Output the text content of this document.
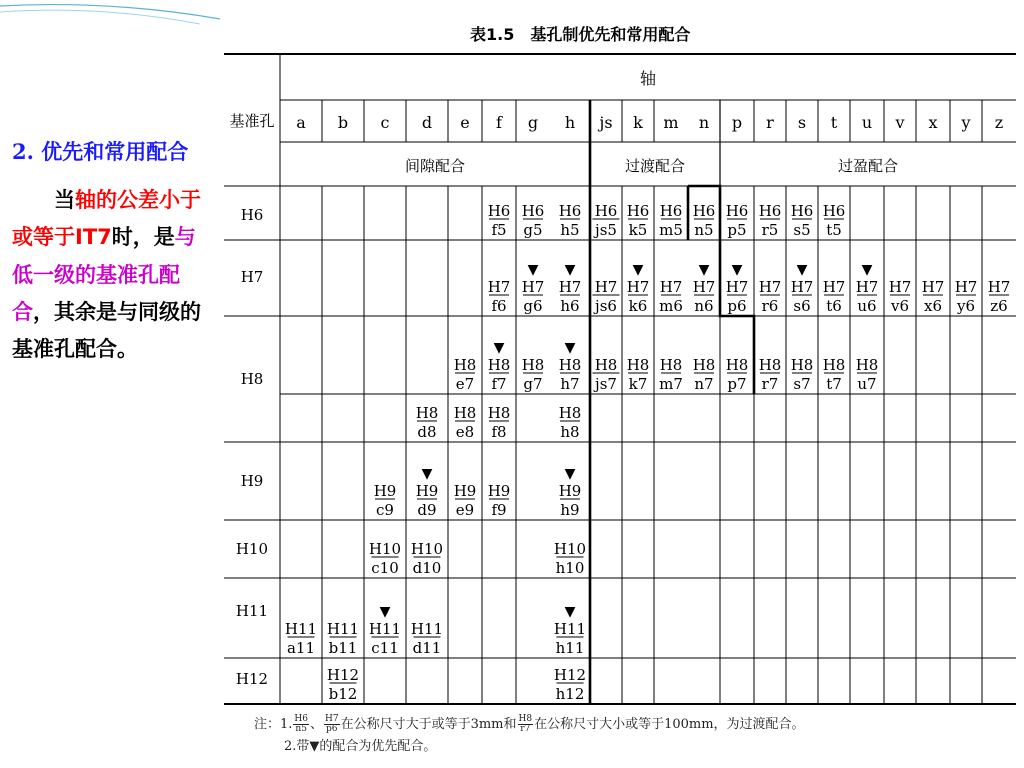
2. 优先和常用配合
当轴的公差小于或等于IT7时，是与低一级的基准孔配合，其余是与同级的基准孔配合。
表1.5　基孔制优先和常用配合
基准孔
轴
a b c d e f g h js k m n p r s t u v x y z
间隙配合	过渡配合	过盈配合
H6
H7
H8
H9
H10
H11
H12
H6
f5
H6
g5
H6
h5
H6
js5
H6
k5
H6
m5
H6
n5
H6
p5
H6
r5
H6
s5
H6
t5
H7
f6
H7
g6
▼
H7
h6
▼
H7
js6
H7
k6
▼
H7
m6
H7
n6
▼
H7
p6
▼
H7
r6
H7
s6
▼
H7
t6
H7
u6
▼
H7
v6
H7
x6
H7
y6
H7
z6
H8
e7
H8
f7
▼
H8
g7
H8
h7
▼
H8
js7
H8
k7
H8
m7
H8
n7
H8
p7
H8
r7
H8
s7
H8
t7
H8
u7
H8
d8
H8
e8
H8
f8
H8
h8
H9
c9
H9
d9
▼
H9
e9
H9
f9
H9
h9
▼
H10
c10
H10
d10
H10
h10
H11
a11
H11
b11
H11
c11
▼
H11
d11
H11
h11
▼
H12
b12
H12
h12
注：1. $\frac{H6}{n5}$ 、 $\frac{H7}{p6}$ 在公称尺寸大于或等于3mm和 $\frac{H8}{r7}$ 在公称尺寸大小或等于100mm，为过渡配合。
2.带▼的配合为优先配合。
